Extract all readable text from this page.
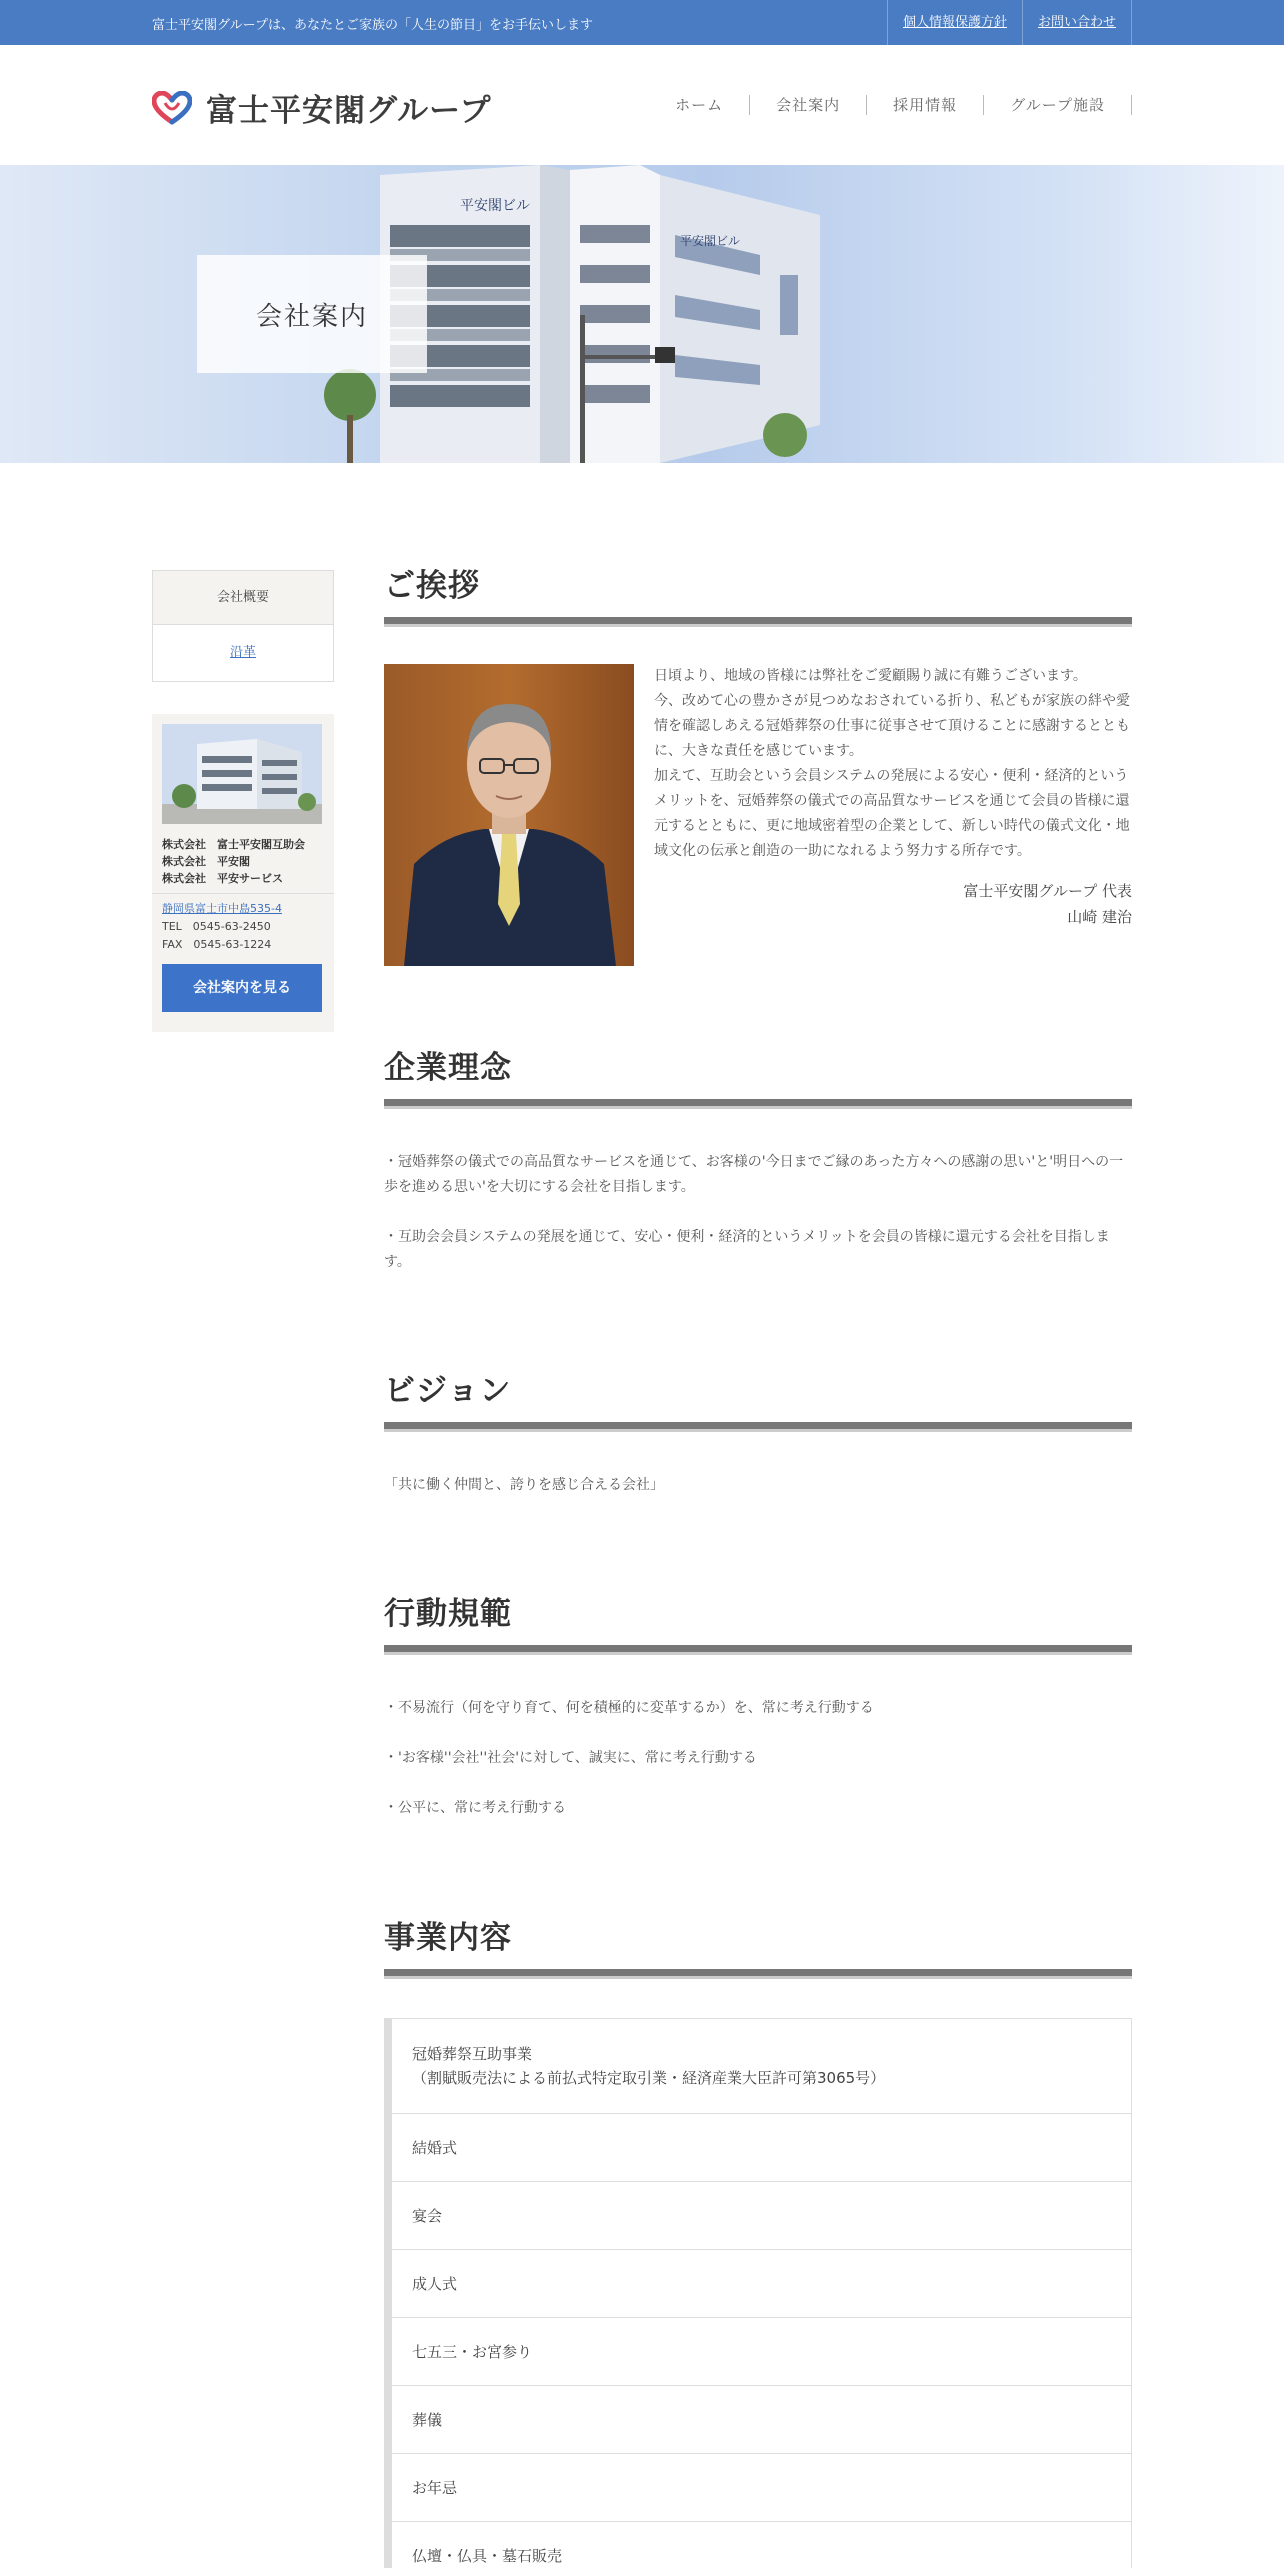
富士平安閣グループは、あなたとご家族の「人生の節目」をお手伝いします	個人情報保護方針	お問い合わせ
富士平安閣グループ	ホーム	会社案内	採用情報	グループ施設
平安閣ビル
平安閣ビル
会社案内
会社概要
沿革
株式会社　富士平安閣互助会
株式会社　平安閣
株式会社　平安サービス
静岡県富士市中島535-4
TEL　0545-63-2450
FAX　0545-63-1224
会社案内を見る
ご挨拶

日頃より、地域の皆様には弊社をご愛顧賜り誠に有難うございます。

今、改めて心の豊かさが見つめなおされている折り、私どもが家族の絆や愛情を確認しあえる冠婚葬祭の仕事に従事させて頂けることに感謝するとともに、大きな責任を感じています。

加えて、互助会という会員システムの発展による安心・便利・経済的というメリットを、冠婚葬祭の儀式での高品質なサービスを通じて会員の皆様に還元するとともに、更に地域密着型の企業として、新しい時代の儀式文化・地域文化の伝承と創造の一助になれるよう努力する所存です。

富士平安閣グループ 代表
山崎 建治
企業理念

・冠婚葬祭の儀式での高品質なサービスを通じて、お客様の'今日までご縁のあった方々への感謝の思い'と'明日への一歩を進める思い'を大切にする会社を目指します。

・互助会会員システムの発展を通じて、安心・便利・経済的というメリットを会員の皆様に還元する会社を目指します。

ビジョン

「共に働く仲間と、誇りを感じ合える会社」

行動規範

・不易流行（何を守り育て、何を積極的に変革するか）を、常に考え行動する

・'お客様''会社''社会'に対して、誠実に、常に考え行動する

・公平に、常に考え行動する

事業内容
冠婚葬祭互助事業
（割賦販売法による前払式特定取引業・経済産業大臣許可第3065号）
結婚式
宴会
成人式
七五三・お宮参り
葬儀
お年忌
仏壇・仏具・墓石販売
